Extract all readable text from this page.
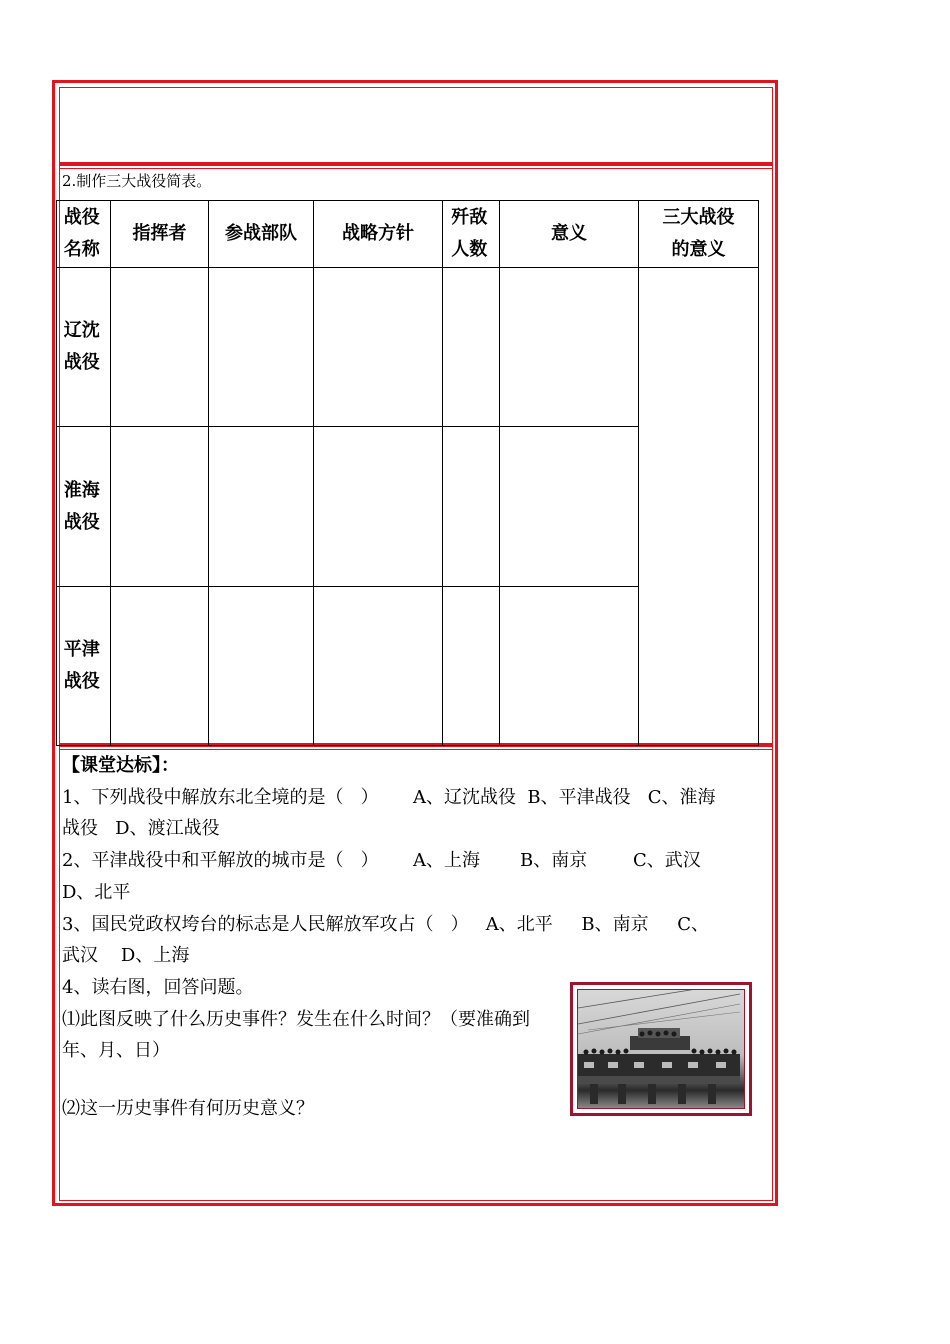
2.制作三大战役简表。
战役名称	指挥者	参战部队	战略方针	歼敌人数	意义	三大战役的意义
辽沈战役						
淮海战役						
平津战役						

【课堂达标】：

1、下列战役中解放东北全境的是（   ）      A、辽沈战役  B、平津战役   C、淮海

战役   D、渡江战役

2、平津战役中和平解放的城市是（   ）      A、上海       B、南京        C、武汉

D、北平

3、国民党政权垮台的标志是人民解放军攻占（   ）   A、北平     B、南京     C、

武汉    D、上海

4、读右图，回答问题。

⑴此图反映了什么历史事件？发生在什么时间？（要准确到年、月、日）

⑵这一历史事件有何历史意义？
